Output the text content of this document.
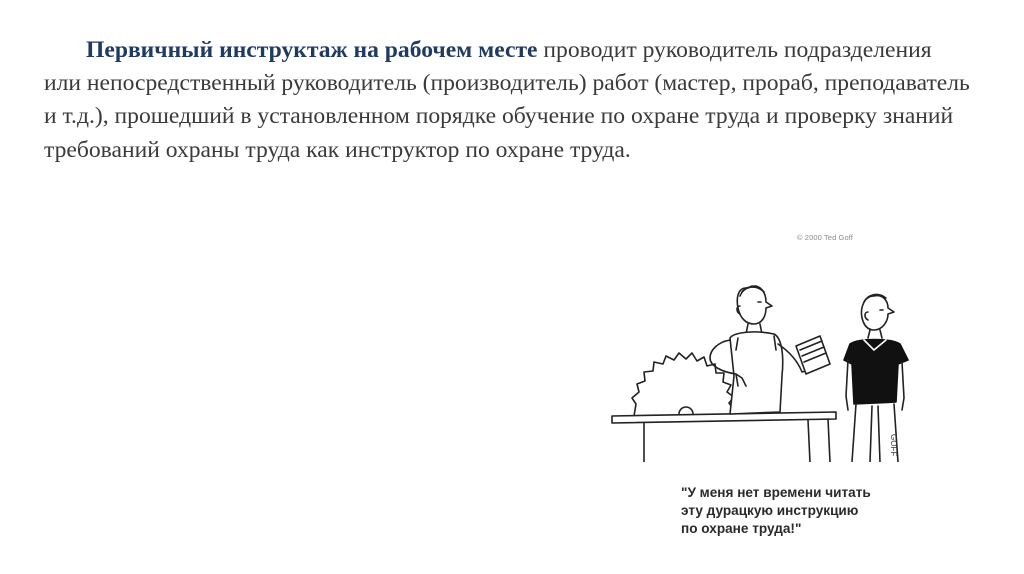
Первичный инструктаж на рабочем месте проводит руководитель подразделения или непосредственный руководитель (производитель) работ (мастер, прораб, преподаватель и т.д.), прошедший в установленном порядке обучение по охране труда и проверку знаний требований охраны труда как инструктор по охране труда.

© 2000 Ted Goff
GOFF
"У меня нет времени читать
эту дурацкую инструкцию
по охране труда!"
